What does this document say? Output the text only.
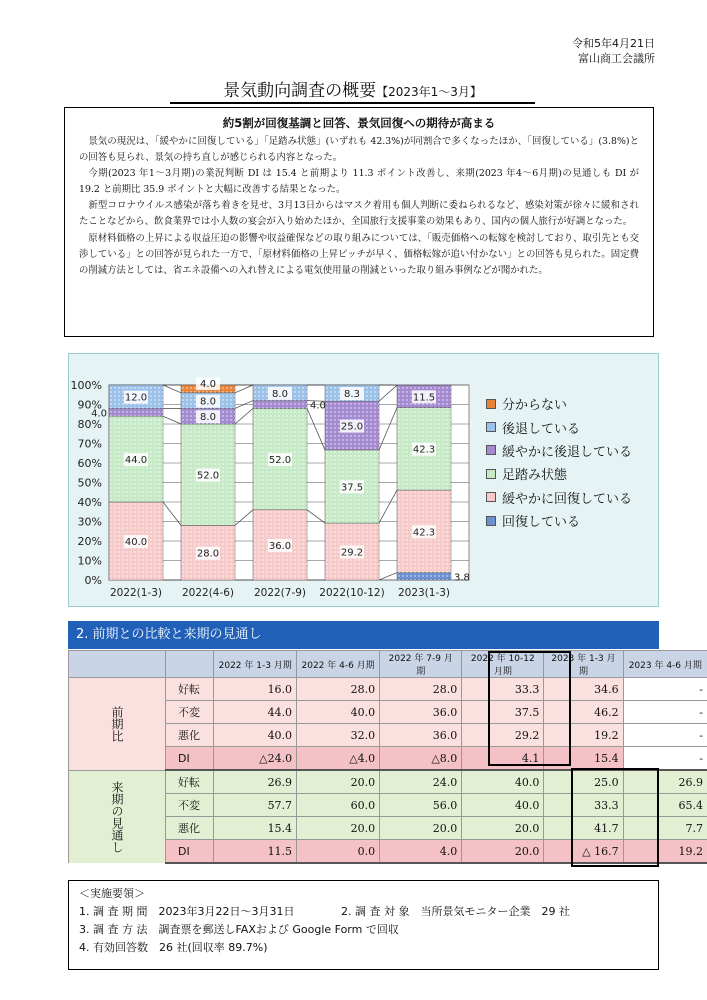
令和5年4月21日
富山商工会議所
景気動向調査の概要【2023年1～3月】
約5割が回復基調と回答、景気回復への期待が高まる

景気の現況は、「緩やかに回復している」「足踏み状態」(いずれも 42.3%)が同割合で多くなったほか、「回復している」(3.8%)との回答も見られ、景気の持ち直しが感じられる内容となった。

今期(2023 年1～3月期)の業況判断 DI は 15.4 と前期より 11.3 ポイント改善し、来期(2023 年4～6月期)の見通しも DI が 19.2 と前期比 35.9 ポイントと大幅に改善する結果となった。

新型コロナウイルス感染が落ち着きを見せ、3月13日からはマスク着用も個人判断に委ねられるなど、感染対策が徐々に緩和されたことなどから、飲食業界では小人数の宴会が入り始めたほか、全国旅行支援事業の効果もあり、国内の個人旅行が好調となった。

原材料価格の上昇による収益圧迫の影響や収益確保などの取り組みについては、「販売価格への転嫁を検討しており、取引先とも交渉している」との回答が見られた一方で、「原材料価格の上昇ピッチが早く、価格転嫁が追い付かない」との回答も見られた。固定費の削減方法としては、省エネ設備への入れ替えによる電気使用量の削減といった取り組み事例などが聞かれた。

0%
10%
20%
30%
40%
50%
60%
70%
80%
90%
100%
2022(1-3) 2022(4-6) 2022(7-9) 2022(10-12) 2023(1-3)
40.0
44.0
4.0
12.0
28.0
52.0
8.0
8.0
4.0
36.0
52.0
4.0
8.0
29.2
37.5
25.0
8.3
42.3
42.3
11.5
3.8
分からない
後退している
緩やかに後退している
足踏み状態
緩やかに回復している
回復している
2. 前期との比較と来期の見通し
		2022 年 1-3 月期	2022 年 4-6 月期	2022 年 7-9 月期	2022 年 10-12 月期	2023 年 1-3 月期	2023 年 4-6 月期
前期比	好転	16.0	28.0	28.0	33.3	34.6	-
	不変	44.0	40.0	36.0	37.5	46.2	-
	悪化	40.0	32.0	36.0	29.2	19.2	-
	DI	△24.0	△4.0	△8.0	4.1	15.4	-
来期の見通し	好転	26.9	20.0	24.0	40.0	25.0	26.9
	不変	57.7	60.0	56.0	40.0	33.3	65.4
	悪化	15.4	20.0	20.0	20.0	41.7	7.7
	DI	11.5	0.0	4.0	20.0	△ 16.7	19.2
＜実施要領＞
1. 調 査 期 間　2023年3月22日～3月31日	2. 調 査 対 象　当所景気モニター企業　29 社
3. 調 査 方 法　調査票を郵送しFAXおよび Google Form で回収
4. 有効回答数　26 社(回収率 89.7%)
